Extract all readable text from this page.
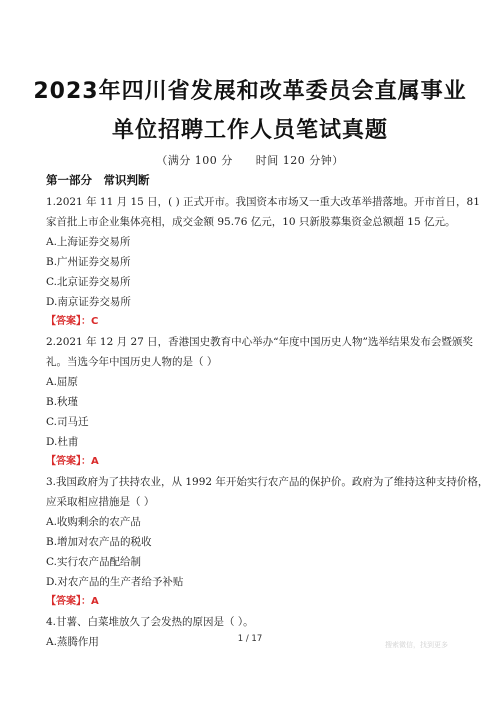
2023年四川省发展和改革委员会直属事业
单位招聘工作人员笔试真题
（满分 100 分　　时间 120 分钟）
第一部分　常识判断
1.2021 年 11 月 15 日，( ) 正式开市。我国资本市场又一重大改革举措落地。开市首日，81
家首批上市企业集体亮相，成交金额 95.76 亿元，10 只新股募集资金总额超 15 亿元。
A.上海证券交易所
B.广州证券交易所
C.北京证券交易所
D.南京证券交易所
【答案】：C
2.2021 年 12 月 27 日，香港国史教育中心举办“年度中国历史人物”选举结果发布会暨颁奖
礼。当选今年中国历史人物的是（ ）
A.屈原
B.秋瑾
C.司马迁
D.杜甫
【答案】：A
3.我国政府为了扶持农业，从 1992 年开始实行农产品的保护价。政府为了维持这种支持价格，
应采取相应措施是（ ）
A.收购剩余的农产品
B.增加对农产品的税收
C.实行农产品配给制
D.对农产品的生产者给予补贴
【答案】：A
4.甘薯、白菜堆放久了会发热的原因是（ ）。
A.蒸腾作用	1 / 17
搜索微信，找到更多
